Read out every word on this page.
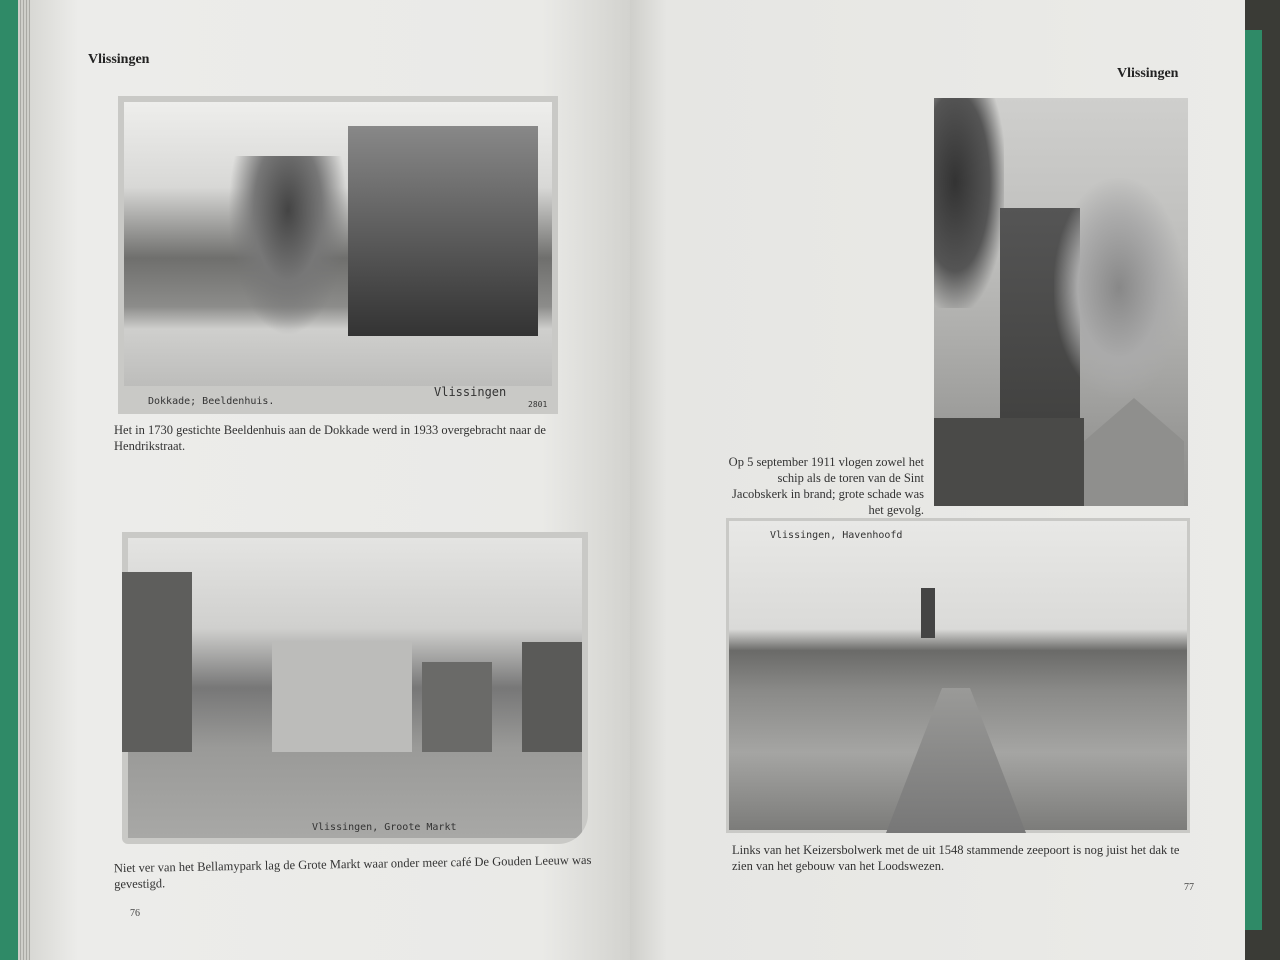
Vlissingen
Dokkade; Beeldenhuis.
Vlissingen
2801
Het in 1730 gestichte Beeldenhuis aan de Dokkade werd in 1933 overgebracht naar de Hendrikstraat.
Vlissingen, Groote Markt
Niet ver van het Bellamypark lag de Grote Markt waar onder meer café De Gouden Leeuw was gevestigd.
76
Vlissingen
Op 5 september 1911 vlogen zowel het schip als de toren van de Sint Jacobskerk in brand; grote schade was het gevolg.
Vlissingen, Havenhoofd
Links van het Keizersbolwerk met de uit 1548 stammende zeepoort is nog juist het dak te zien van het gebouw van het Loodswezen.
77
